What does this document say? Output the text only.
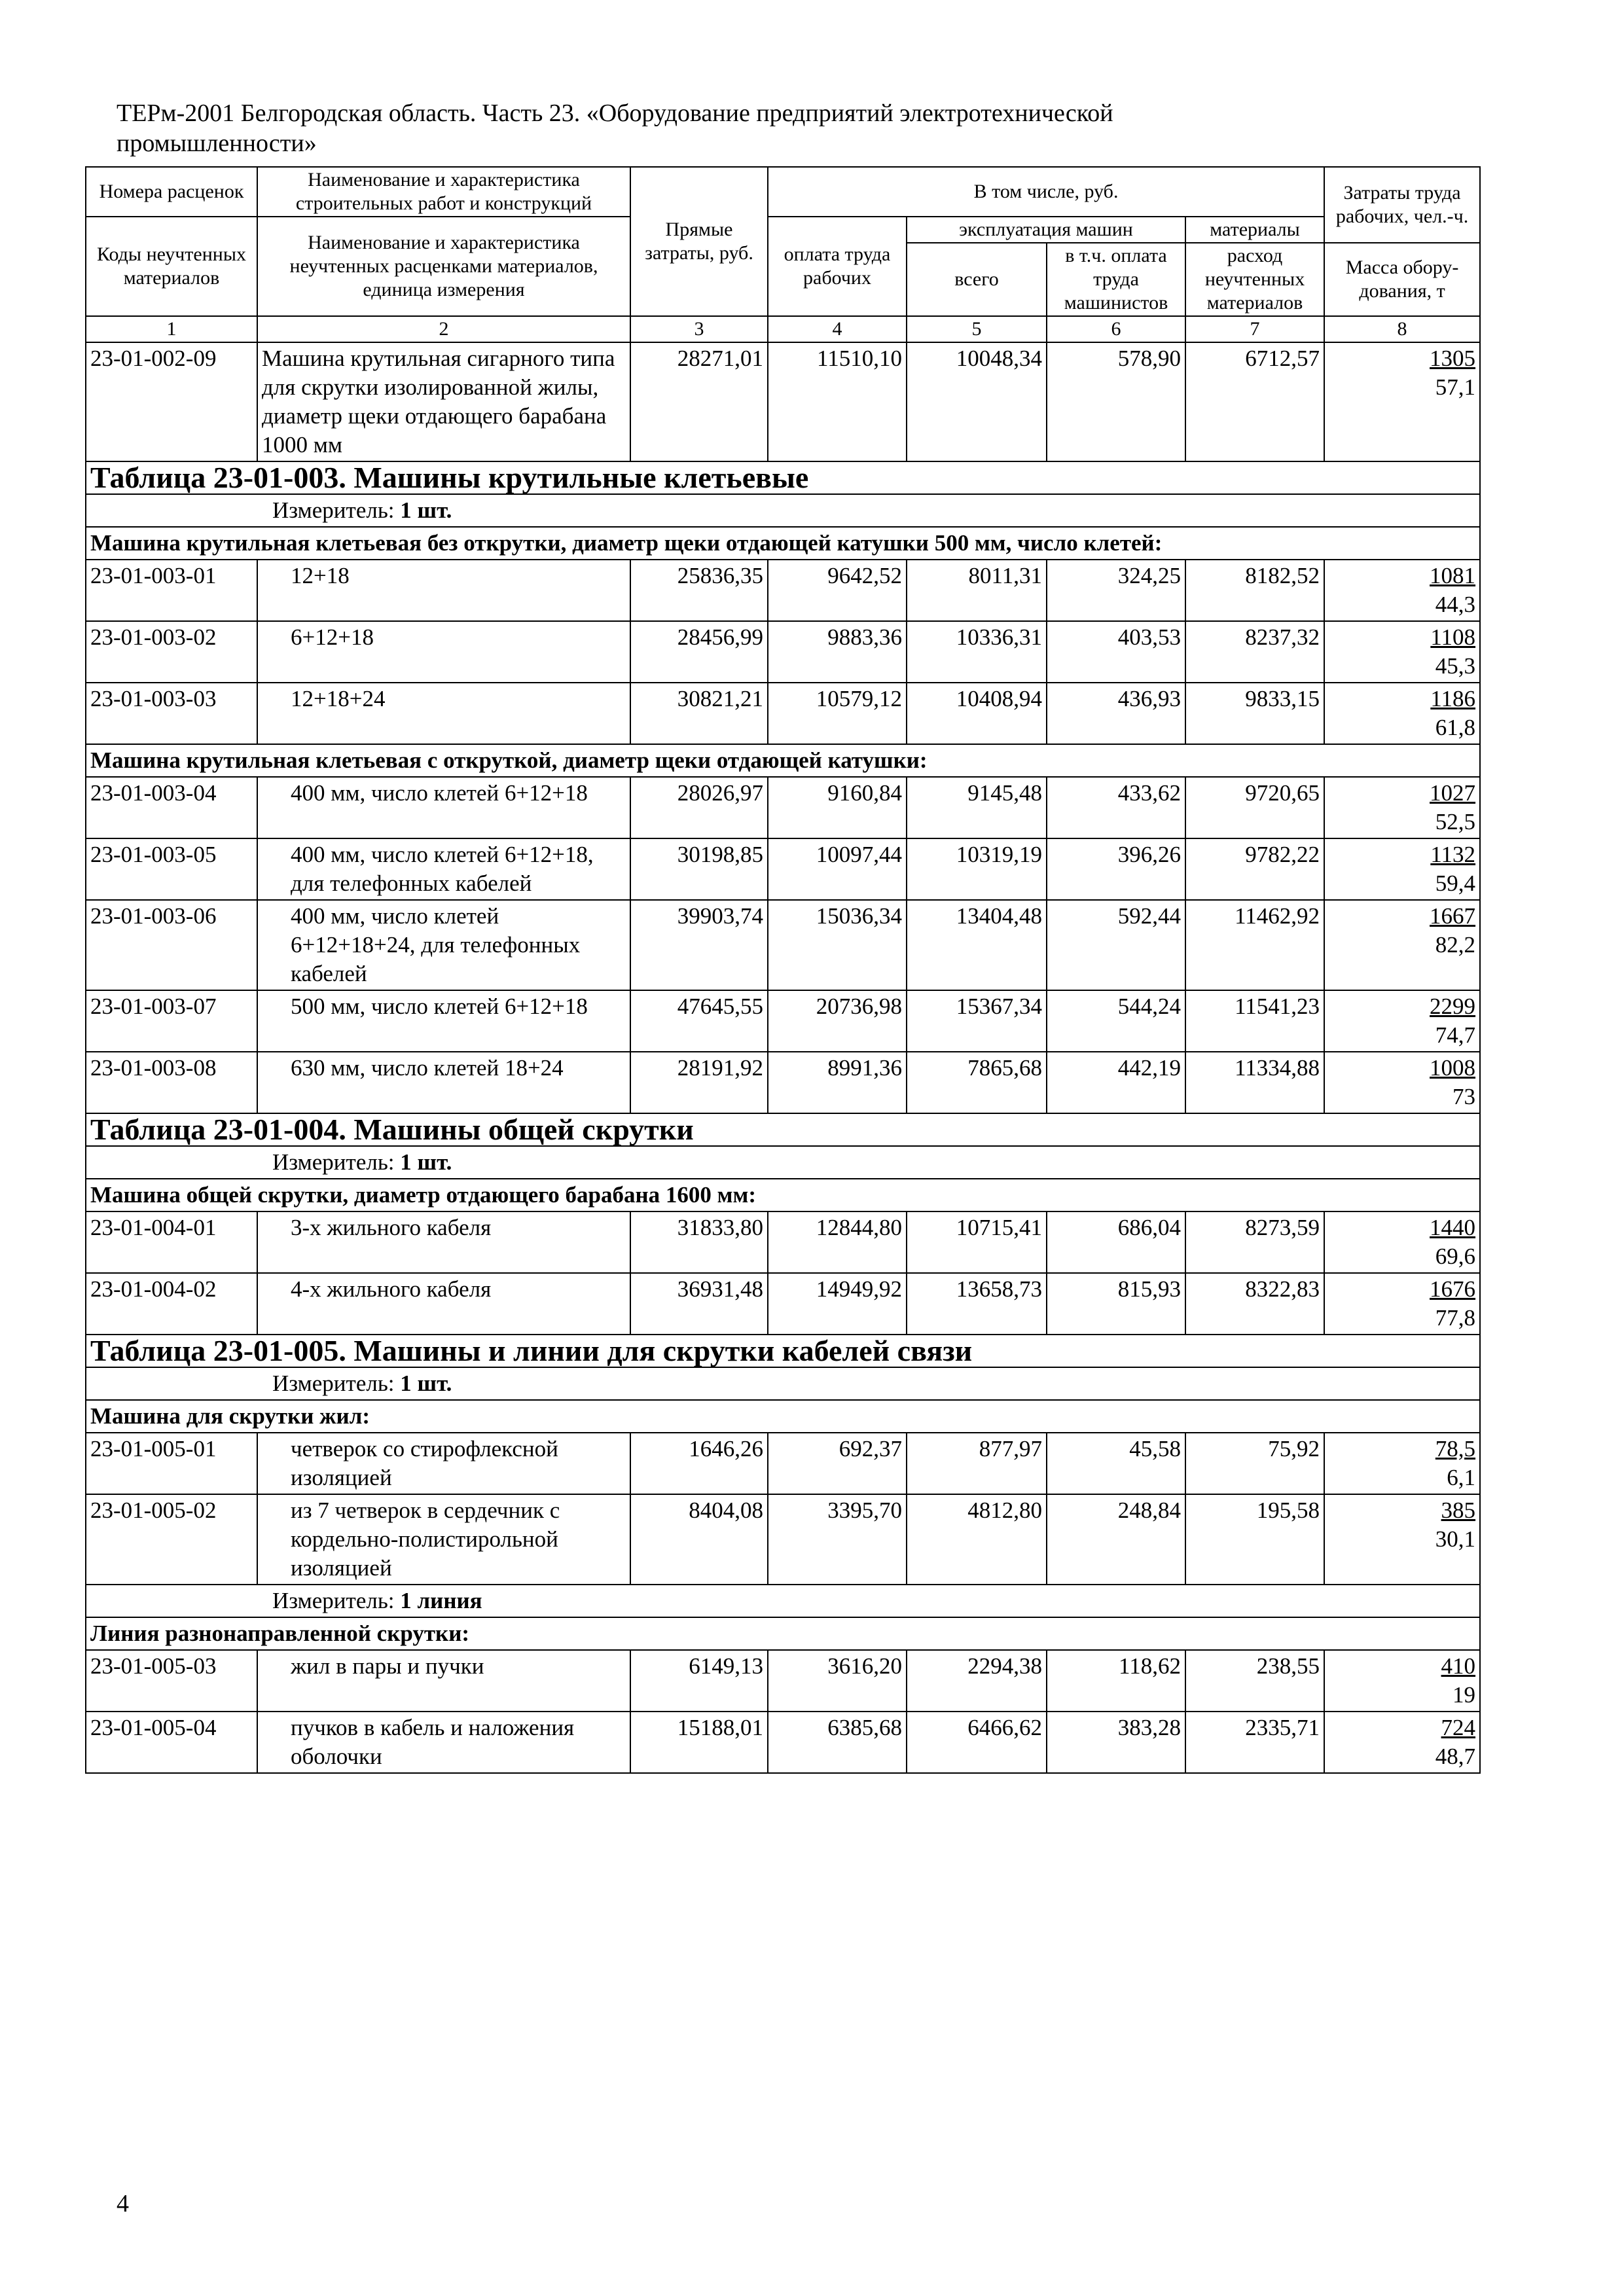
ТЕРм-2001 Белгородская область. Часть 23. «Оборудование предприятий электротехнической
промышленности»
Номера расценок	Наименование и характеристика строительных работ и конструкций	Прямые затраты, руб.	В том числе, руб.				Затраты труда рабочих, чел.-ч.
Коды неучтенных материалов	Наименование и характеристика неучтенных расценками материалов, единица измерения		оплата труда рабочих	эксплуатация машин		материалы	
				всего	в т.ч. оплата труда машинистов	расход неучтенных материалов	Масса обору-дования, т
1	2	3	4	5	6	7	8
23-01-002-09	Машина крутильная сигарного типа для скрутки изолированной жилы, диаметр щеки отдающего барабана 1000 мм	28271,01	11510,10	10048,34	578,90	6712,57	1305
57,1

Таблица 23-01-003. Машины крутильные клетьевые							
Измеритель: 1 шт.							
Машина крутильная клетьевая без открутки, диаметр щеки отдающей катушки 500 мм, число клетей:							
23-01-003-01	12+18	25836,35	9642,52	8011,31	324,25	8182,52	1081
44,3

23-01-003-02	6+12+18	28456,99	9883,36	10336,31	403,53	8237,32	1108
45,3

23-01-003-03	12+18+24	30821,21	10579,12	10408,94	436,93	9833,15	1186
61,8

Машина крутильная клетьевая с откруткой, диаметр щеки отдающей катушки:							
23-01-003-04	400 мм, число клетей 6+12+18	28026,97	9160,84	9145,48	433,62	9720,65	1027
52,5

23-01-003-05	400 мм, число клетей 6+12+18, для телефонных кабелей	30198,85	10097,44	10319,19	396,26	9782,22	1132
59,4

23-01-003-06	400 мм, число клетей 6+12+18+24, для телефонных кабелей	39903,74	15036,34	13404,48	592,44	11462,92	1667
82,2

23-01-003-07	500 мм, число клетей 6+12+18	47645,55	20736,98	15367,34	544,24	11541,23	2299
74,7

23-01-003-08	630 мм, число клетей 18+24	28191,92	8991,36	7865,68	442,19	11334,88	1008
73

Таблица 23-01-004. Машины общей скрутки							
Измеритель: 1 шт.							
Машина общей скрутки, диаметр отдающего барабана 1600 мм:							
23-01-004-01	3-х жильного кабеля	31833,80	12844,80	10715,41	686,04	8273,59	1440
69,6

23-01-004-02	4-х жильного кабеля	36931,48	14949,92	13658,73	815,93	8322,83	1676
77,8

Таблица 23-01-005. Машины и линии для скрутки кабелей связи							
Измеритель: 1 шт.							
Машина для скрутки жил:							
23-01-005-01	четверок со стирофлексной изоляцией	1646,26	692,37	877,97	45,58	75,92	78,5
6,1

23-01-005-02	из 7 четверок в сердечник с кордельно-полистирольной изоляцией	8404,08	3395,70	4812,80	248,84	195,58	385
30,1

Измеритель: 1 линия							
Линия разнонаправленной скрутки:							
23-01-005-03	жил в пары и пучки	6149,13	3616,20	2294,38	118,62	238,55	410
19

23-01-005-04	пучков в кабель и наложения оболочки	15188,01	6385,68	6466,62	383,28	2335,71	724
48,7
4
